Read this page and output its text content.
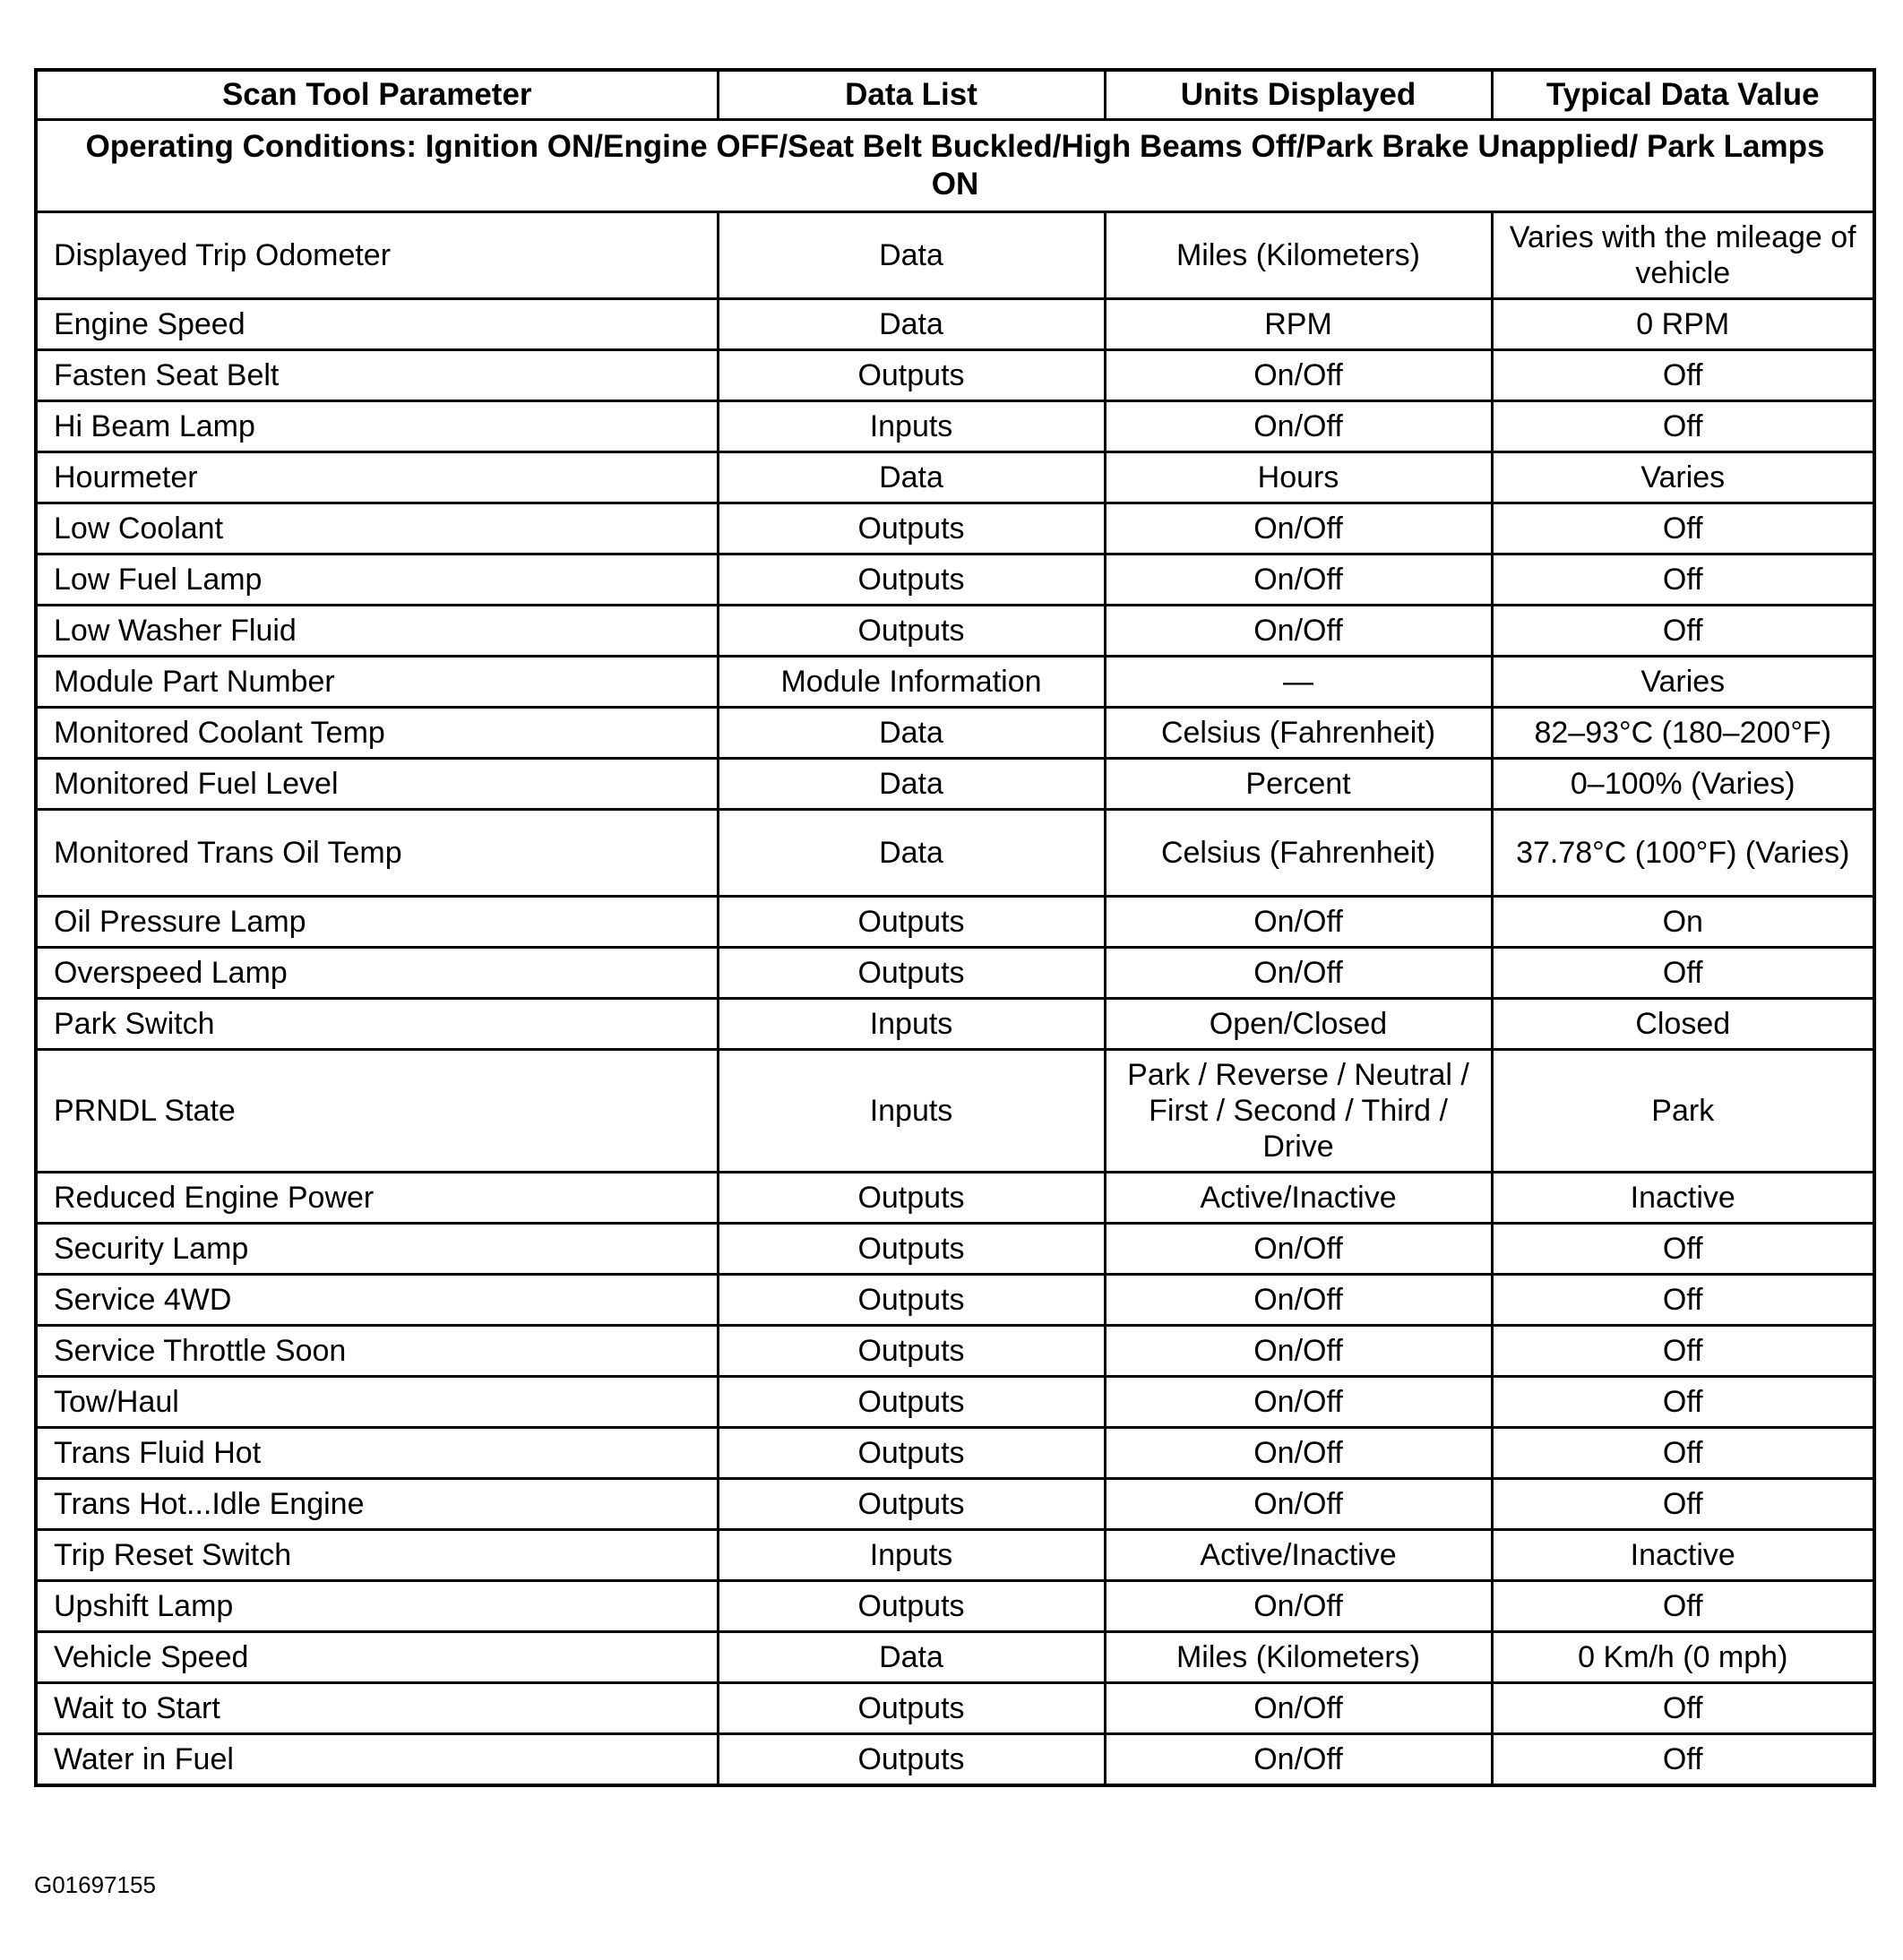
Scan Tool Parameter	Data List	Units Displayed	Typical Data Value
Operating Conditions: Ignition ON/Engine OFF/Seat Belt Buckled/High Beams Off/Park Brake Unapplied/ Park Lamps ON			
Displayed Trip Odometer	Data	Miles (Kilometers)	Varies with the mileage of vehicle
Engine Speed	Data	RPM	0 RPM
Fasten Seat Belt	Outputs	On/Off	Off
Hi Beam Lamp	Inputs	On/Off	Off
Hourmeter	Data	Hours	Varies
Low Coolant	Outputs	On/Off	Off
Low Fuel Lamp	Outputs	On/Off	Off
Low Washer Fluid	Outputs	On/Off	Off
Module Part Number	Module Information	—	Varies
Monitored Coolant Temp	Data	Celsius (Fahrenheit)	82–93°C (180–200°F)
Monitored Fuel Level	Data	Percent	0–100% (Varies)
Monitored Trans Oil Temp	Data	Celsius (Fahrenheit)	37.78°C (100°F) (Varies)
Oil Pressure Lamp	Outputs	On/Off	On
Overspeed Lamp	Outputs	On/Off	Off
Park Switch	Inputs	Open/Closed	Closed
PRNDL State	Inputs	Park / Reverse / Neutral / First / Second / Third / Drive	Park
Reduced Engine Power	Outputs	Active/Inactive	Inactive
Security Lamp	Outputs	On/Off	Off
Service 4WD	Outputs	On/Off	Off
Service Throttle Soon	Outputs	On/Off	Off
Tow/Haul	Outputs	On/Off	Off
Trans Fluid Hot	Outputs	On/Off	Off
Trans Hot...Idle Engine	Outputs	On/Off	Off
Trip Reset Switch	Inputs	Active/Inactive	Inactive
Upshift Lamp	Outputs	On/Off	Off
Vehicle Speed	Data	Miles (Kilometers)	0 Km/h (0 mph)
Wait to Start	Outputs	On/Off	Off
Water in Fuel	Outputs	On/Off	Off
G01697155
